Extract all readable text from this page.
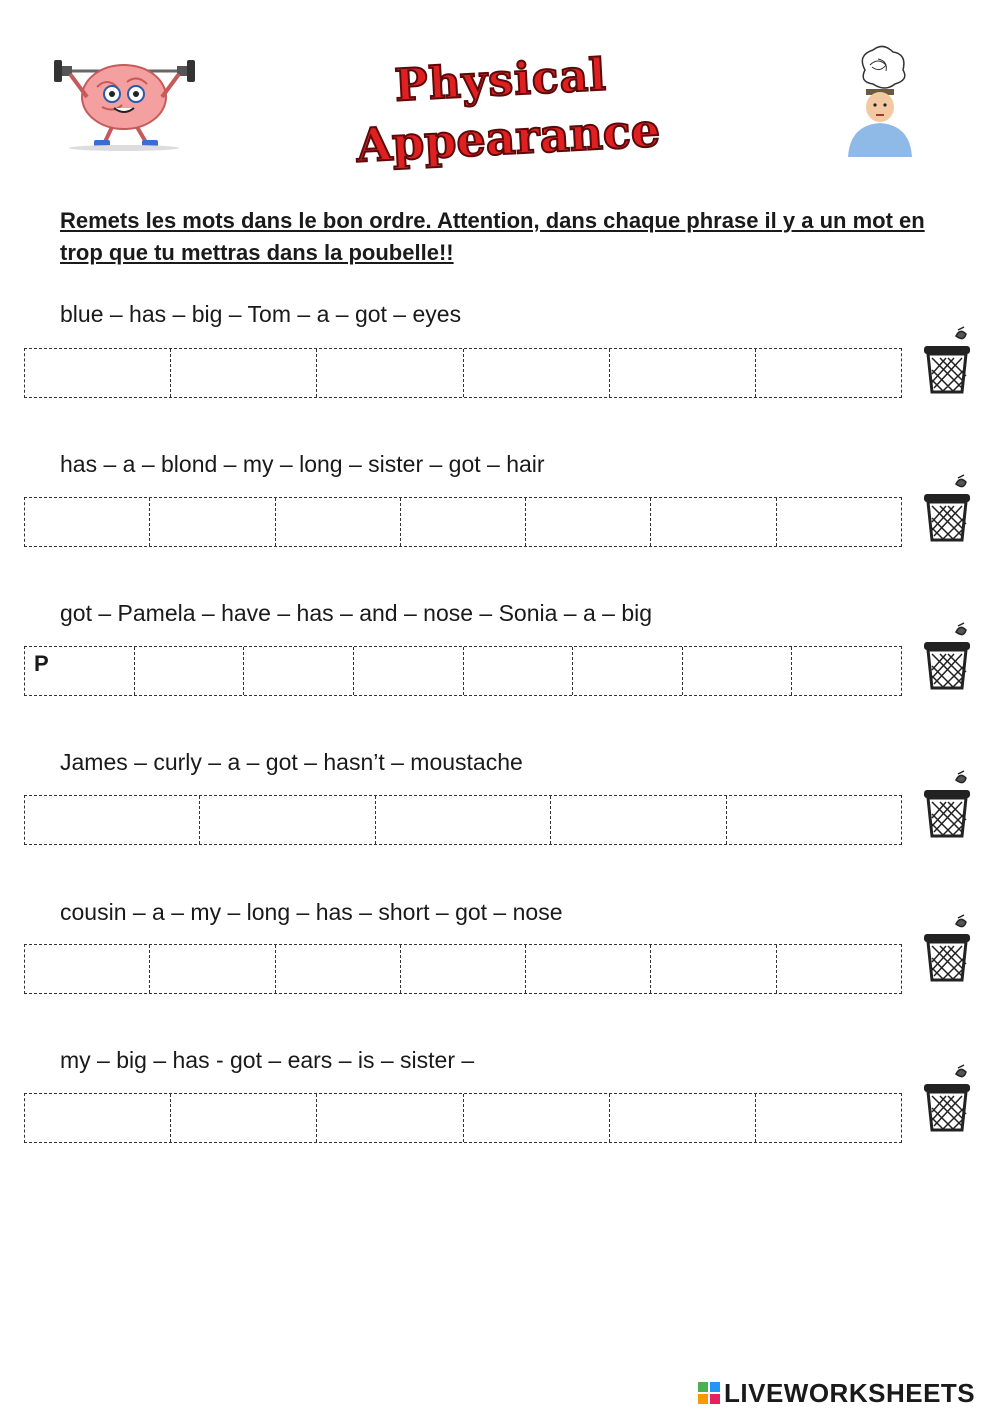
Physical
Appearance
Remets les mots dans le bon ordre. Attention, dans chaque phrase il y a un mot en trop que tu mettras dans la poubelle!!
blue – has – big – Tom – a – got – eyes
has – a – blond – my – long – sister – got – hair
got – Pamela – have – has – and – nose – Sonia – a – big
P
James – curly – a – got – hasn’t – moustache
cousin – a – my – long – has – short – got – nose
my – big – has - got – ears – is – sister –
LIVEWORKSHEETS
